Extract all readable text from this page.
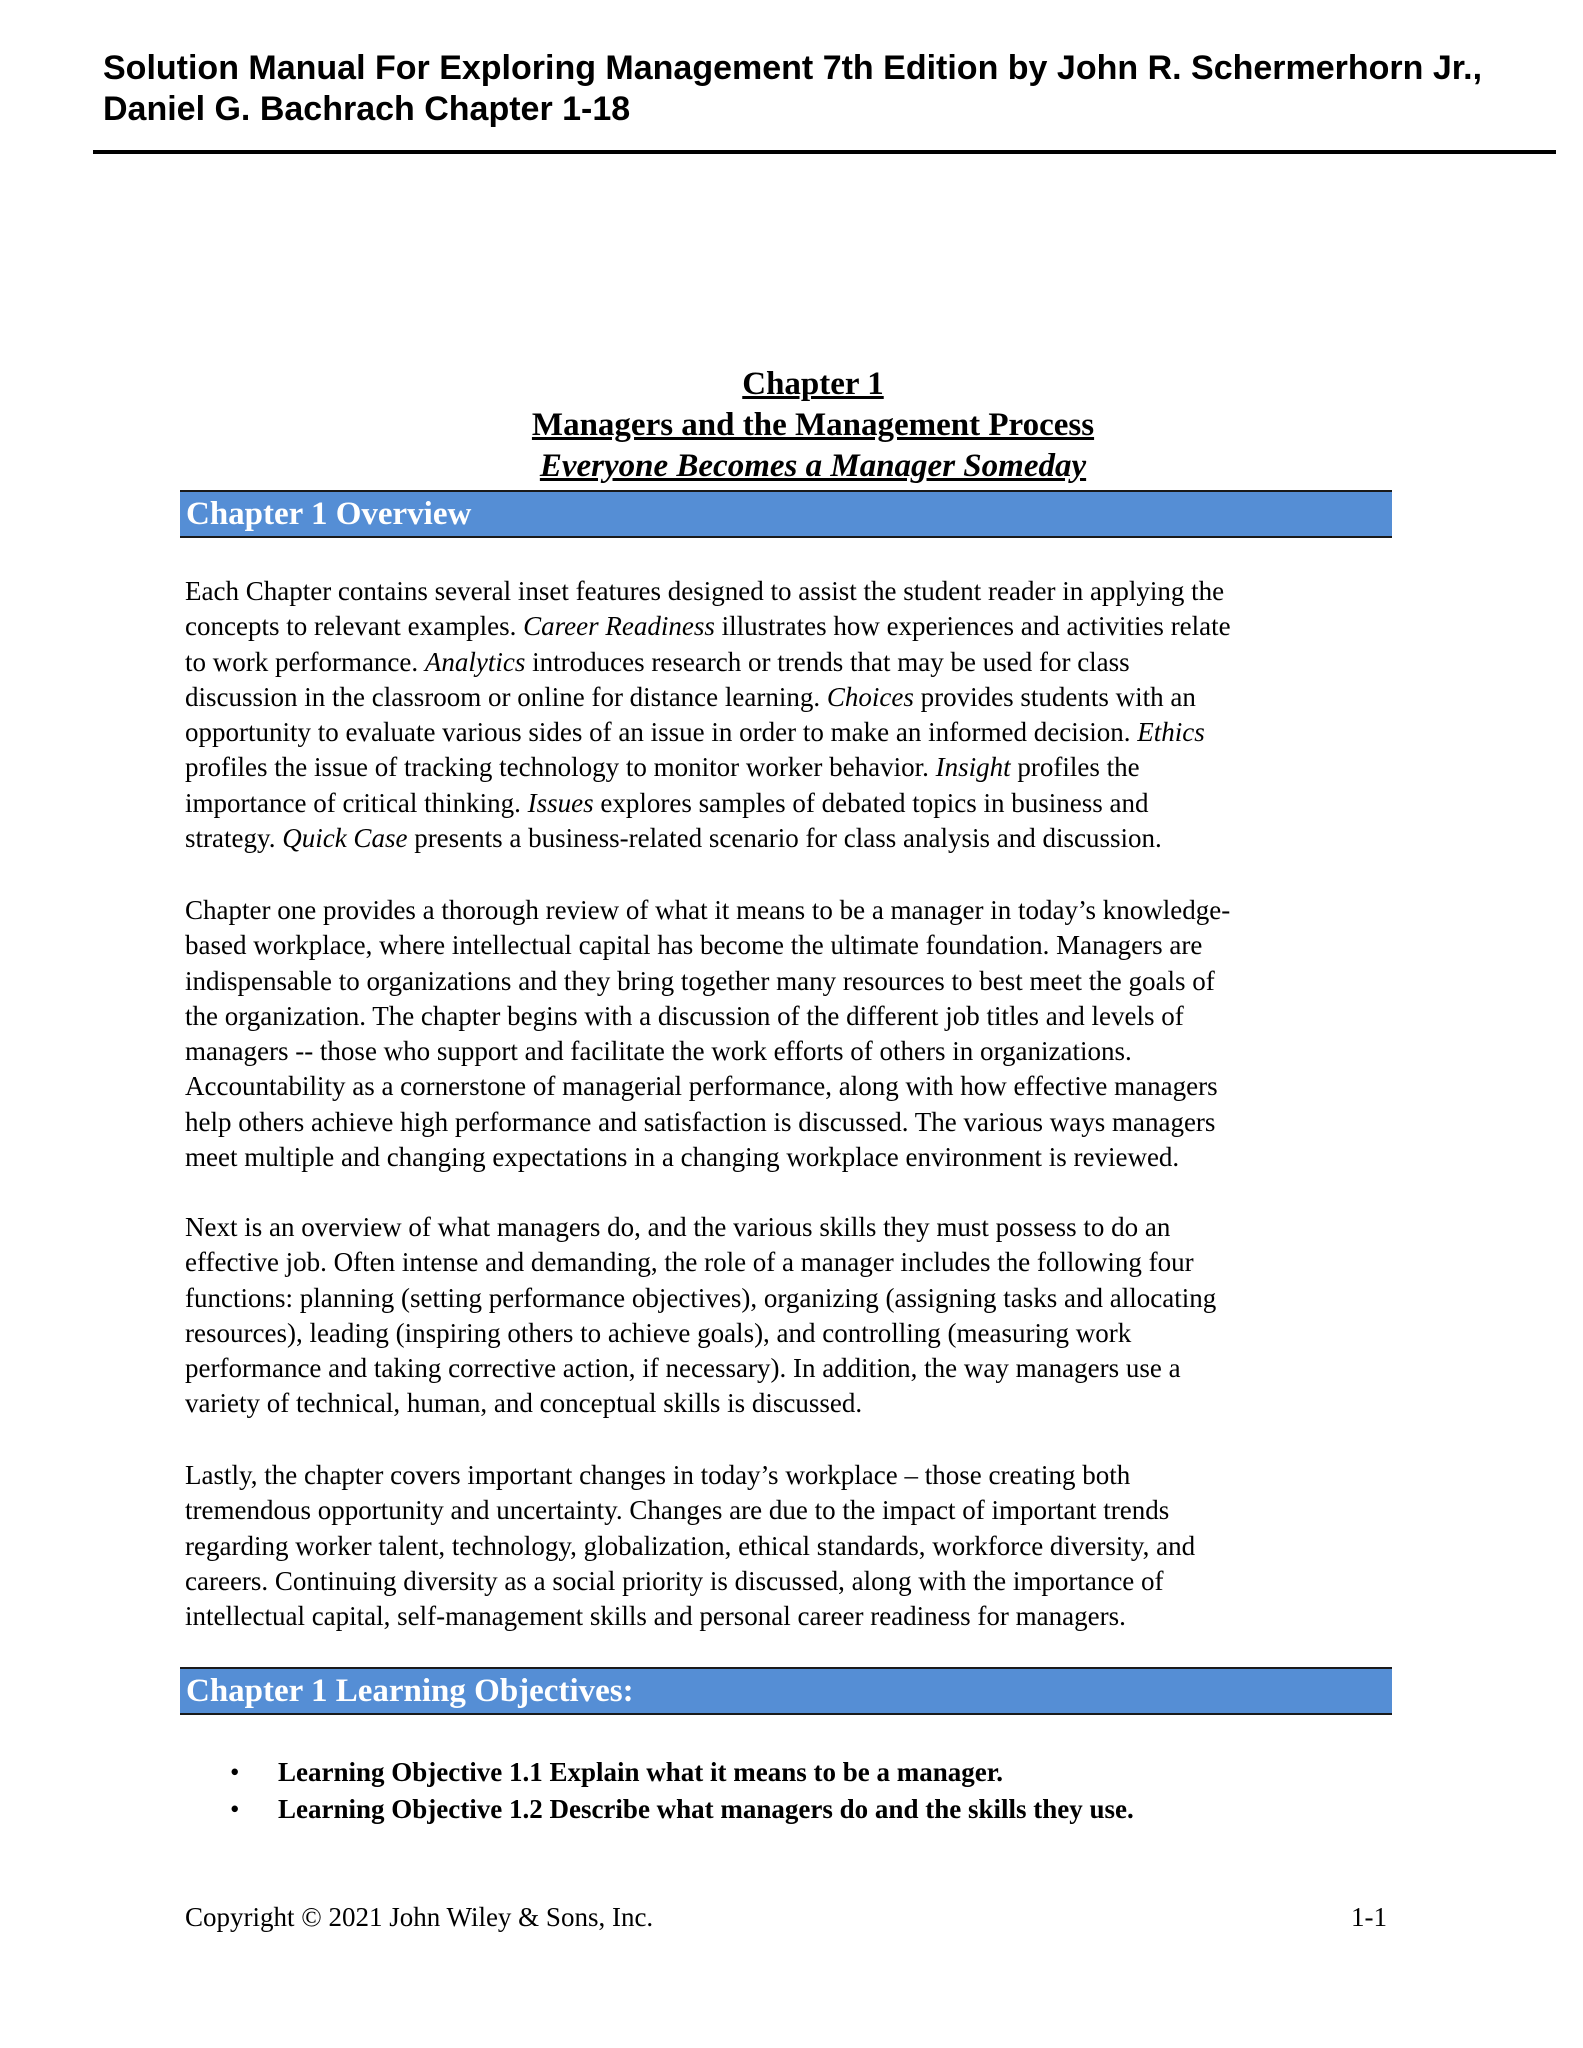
Solution Manual For Exploring Management 7th Edition by John R. Schermerhorn Jr.,
Daniel G. Bachrach Chapter 1-18
Chapter 1
Managers and the Management Process
Everyone Becomes a Manager Someday
Chapter 1 Overview
Each Chapter contains several inset features designed to assist the student reader in applying the
concepts to relevant examples. Career Readiness illustrates how experiences and activities relate
to work performance. Analytics introduces research or trends that may be used for class
discussion in the classroom or online for distance learning. Choices provides students with an
opportunity to evaluate various sides of an issue in order to make an informed decision. Ethics
profiles the issue of tracking technology to monitor worker behavior. Insight profiles the
importance of critical thinking. Issues explores samples of debated topics in business and
strategy. Quick Case presents a business-related scenario for class analysis and discussion.
Chapter one provides a thorough review of what it means to be a manager in today’s knowledge-
based workplace, where intellectual capital has become the ultimate foundation. Managers are
indispensable to organizations and they bring together many resources to best meet the goals of
the organization. The chapter begins with a discussion of the different job titles and levels of
managers -- those who support and facilitate the work efforts of others in organizations.
Accountability as a cornerstone of managerial performance, along with how effective managers
help others achieve high performance and satisfaction is discussed. The various ways managers
meet multiple and changing expectations in a changing workplace environment is reviewed.
Next is an overview of what managers do, and the various skills they must possess to do an
effective job. Often intense and demanding, the role of a manager includes the following four
functions: planning (setting performance objectives), organizing (assigning tasks and allocating
resources), leading (inspiring others to achieve goals), and controlling (measuring work
performance and taking corrective action, if necessary). In addition, the way managers use a
variety of technical, human, and conceptual skills is discussed.
Lastly, the chapter covers important changes in today’s workplace – those creating both
tremendous opportunity and uncertainty. Changes are due to the impact of important trends
regarding worker talent, technology, globalization, ethical standards, workforce diversity, and
careers. Continuing diversity as a social priority is discussed, along with the importance of
intellectual capital, self-management skills and personal career readiness for managers.
Chapter 1 Learning Objectives:
• Learning Objective 1.1 Explain what it means to be a manager.
• Learning Objective 1.2 Describe what managers do and the skills they use.
Copyright © 2021 John Wiley & Sons, Inc.	1-1
